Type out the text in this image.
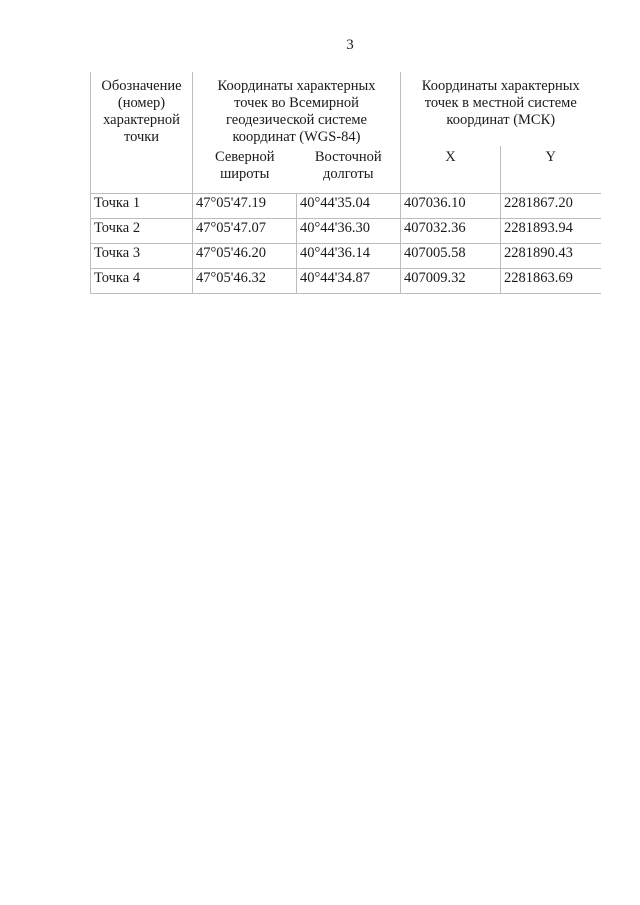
3
Обозначение (номер) характерной точки	Координаты характерных точек во Всемирной геодезической системе координат (WGS-84)		Координаты характерных точек в местной системе координат (МСК)	

	Северной широты	Восточной долготы	X	Y
Точка 1	47°05'47.19	40°44'35.04	407036.10	2281867.20
Точка 2	47°05'47.07	40°44'36.30	407032.36	2281893.94
Точка 3	47°05'46.20	40°44'36.14	407005.58	2281890.43
Точка 4	47°05'46.32	40°44'34.87	407009.32	2281863.69
